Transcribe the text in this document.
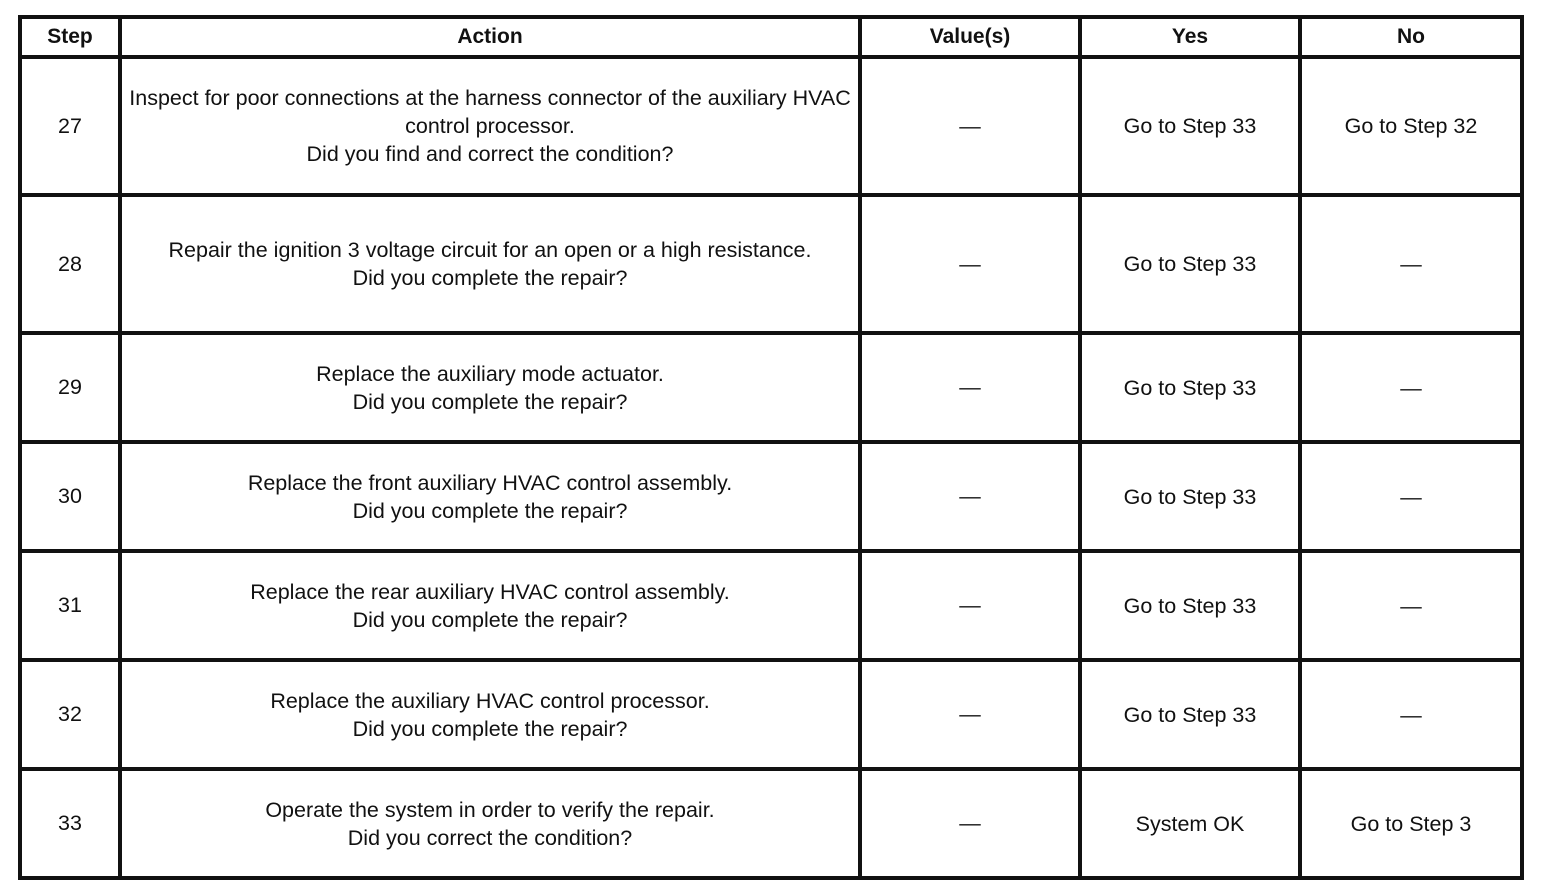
Step	Action	Value(s)	Yes	No
27	Inspect for poor connections at the harness connector of the auxiliary HVAC control processor.
Did you find and correct the condition?	—	Go to Step 33	Go to Step 32
28	Repair the ignition 3 voltage circuit for an open or a high resistance.
Did you complete the repair?	—	Go to Step 33	—
29	Replace the auxiliary mode actuator.
Did you complete the repair?	—	Go to Step 33	—
30	Replace the front auxiliary HVAC control assembly.
Did you complete the repair?	—	Go to Step 33	—
31	Replace the rear auxiliary HVAC control assembly.
Did you complete the repair?	—	Go to Step 33	—
32	Replace the auxiliary HVAC control processor.
Did you complete the repair?	—	Go to Step 33	—
33	Operate the system in order to verify the repair.
Did you correct the condition?	—	System OK	Go to Step 3
